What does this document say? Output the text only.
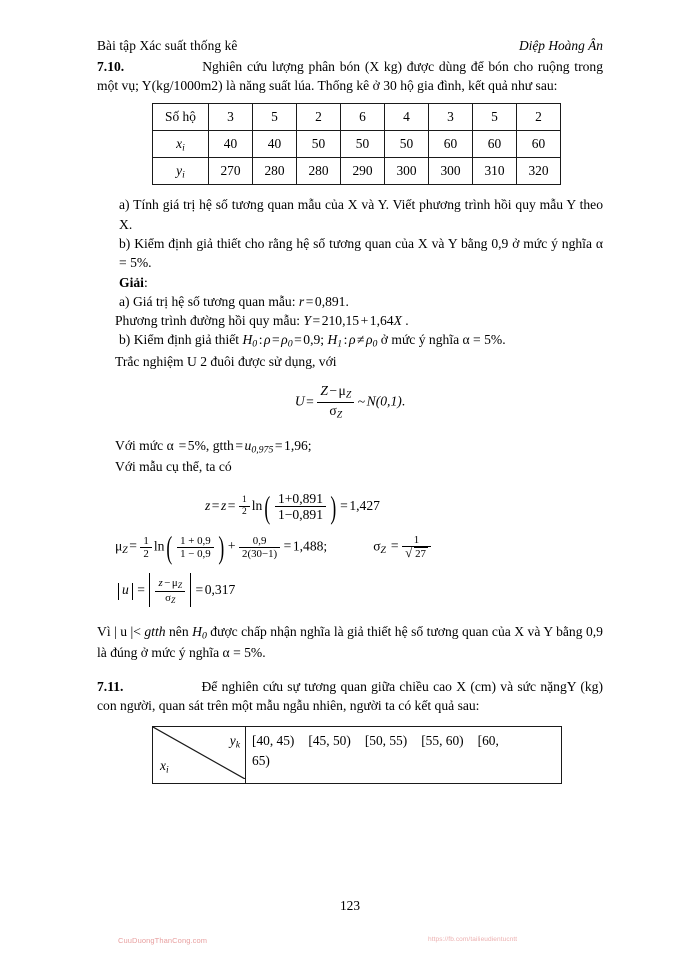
Bài tập Xác suất thống kê	Diệp Hoàng Ân

7.10.	Nghiên cứu lượng phân bón (X kg) được dùng để bón cho ruộng trong một vụ; Y(kg/1000m2) là năng suất lúa. Thống kê ở 30 hộ gia đình, kết quả như sau:

Số hộ	3	5	2	6	4	3	5	2
$x_i$	40	40	50	50	50	60	60	60
$y_i$	270	280	280	290	300	300	310	320

a) Tính giá trị hệ số tương quan mẫu của X và Y. Viết phương trình hồi quy mẫu Y theo X.

b) Kiểm định giả thiết cho rằng hệ số tương quan của X và Y bằng 0,9 ở mức ý nghĩa α = 5%.

Giải:

a) Giá trị hệ số tương quan mẫu: r = 0,891.

Phương trình đường hồi quy mẫu: Y = 210,15 + 1,64X .

b) Kiểm định giả thiết $H_0$ : $\rho = \rho_0 = 0,9$; $H_1$ : $\rho \ne \rho_0$ ở mức ý nghĩa α = 5%.

Trắc nghiệm U 2 đuôi được sử dụng, với

$U = \frac{Z - \mu_Z}{\sigma_Z}$ ~ N(0,1).

Với mức α = 5%, gtth = $u_{0,975} = 1,96$;

Với mẫu cụ thể, ta có

$z = z = \frac{1}{2} \ln( \frac{1+0,891}{1-0,891}$ ) = 1,427
$\mu_Z = \frac{1}{2} \ln( \frac{1 + 0,9}{1 - 0,9}$ ) + $\frac{0,9}{2(30-1)} = 1,488$;	$\sigma_Z = \frac{1}{√ 27}$
$u = \frac{z - \mu_Z}{\sigma_Z} = 0,317$

Vì | u |< gtth nên $H_0$ được chấp nhận nghĩa là giả thiết hệ số tương quan của X và Y bằng 0,9 là đúng ở mức ý nghĩa α = 5%.

7.11.	Để nghiên cứu sự tương quan giữa chiều cao X (cm) và sức nặngY (kg) con người, quan sát trên một mẫu ngẫu nhiên, người ta có kết quả sau:

$y_k$
$x_i$

[40, 45) [45, 50) [50, 55) [55, 60) [60,
65)
123
CuuDuongThanCong.com	https://fb.com/tailieudientucntt
